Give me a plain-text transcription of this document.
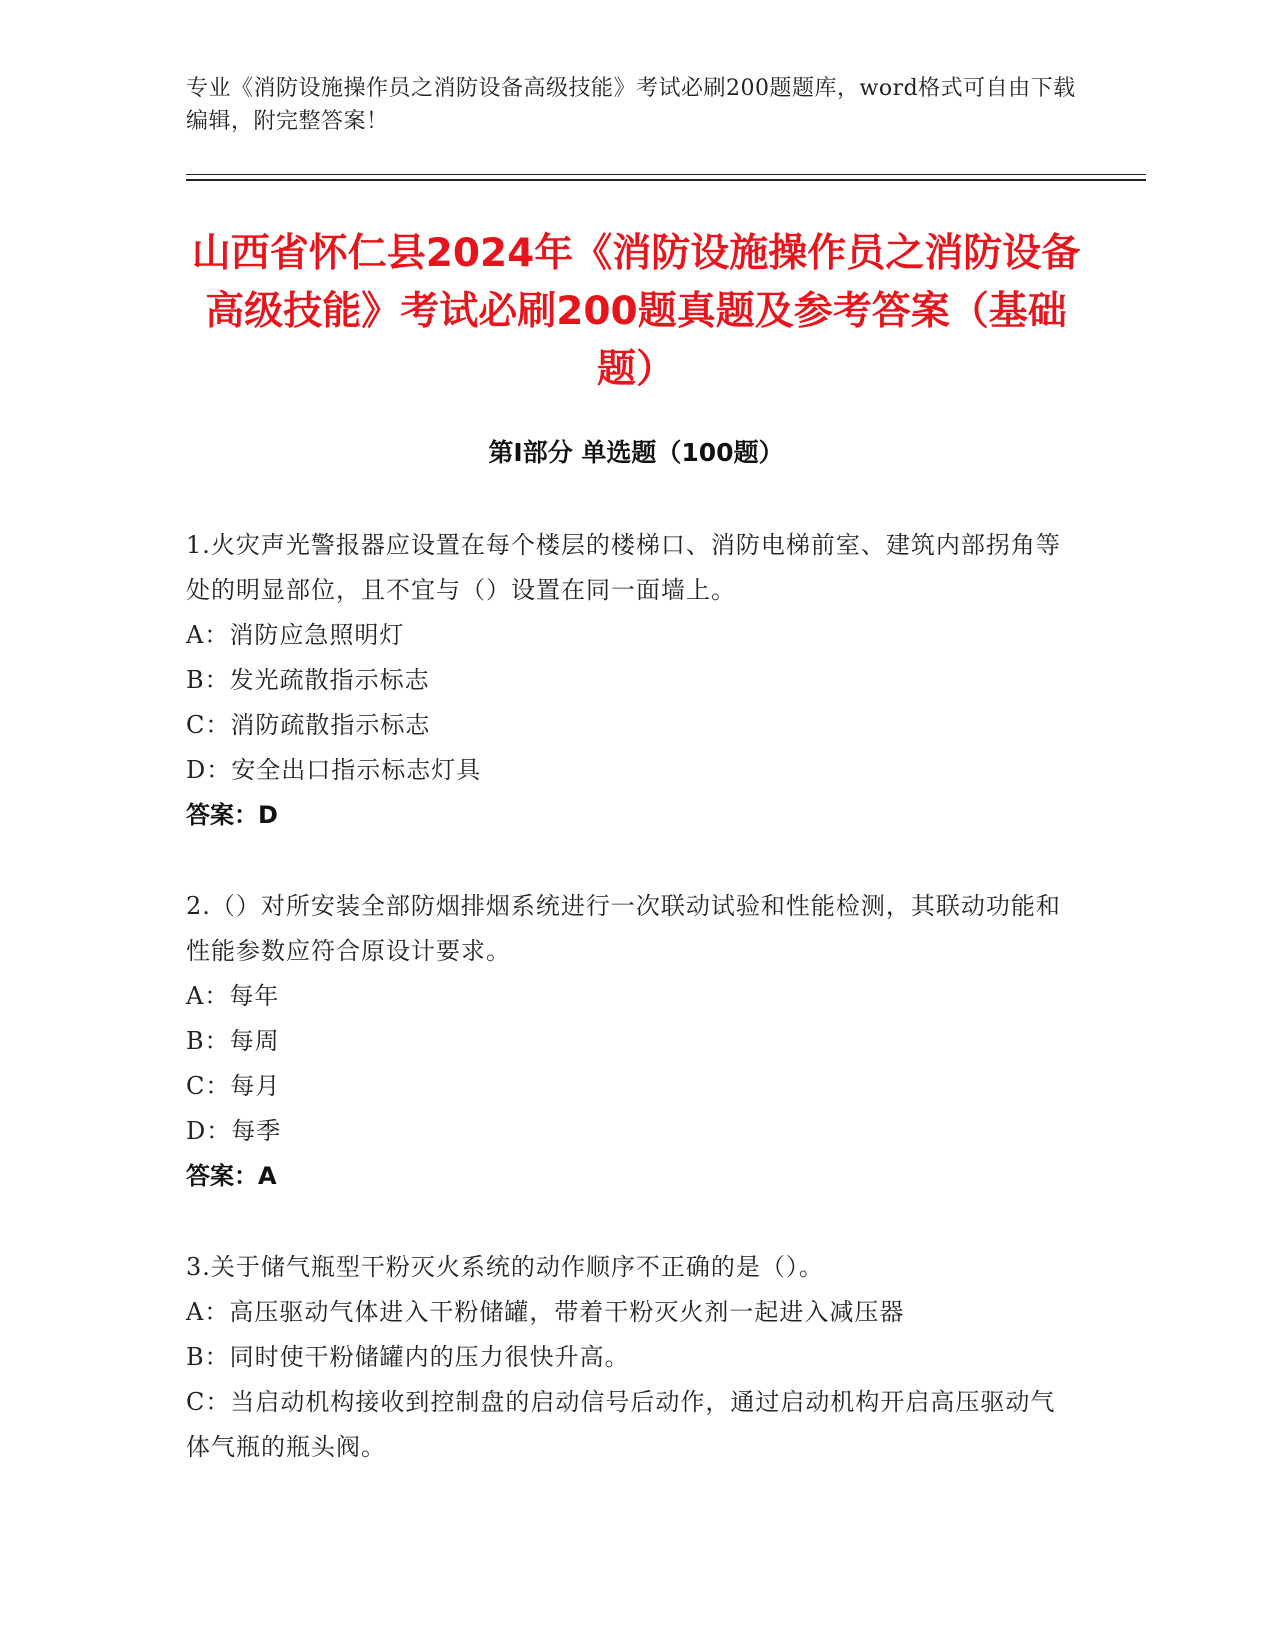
专业《消防设施操作员之消防设备高级技能》考试必刷200题题库，word格式可自由下载编辑，附完整答案！
山西省怀仁县2024年《消防设施操作员之消防设备高级技能》考试必刷200题真题及参考答案（基础题）
第I部分 单选题（100题）
1.火灾声光警报器应设置在每个楼层的楼梯口、消防电梯前室、建筑内部拐角等处的明显部位，且不宜与（）设置在同一面墙上。
A：消防应急照明灯
B：发光疏散指示标志
C：消防疏散指示标志
D：安全出口指示标志灯具
答案：D
2.（）对所安装全部防烟排烟系统进行一次联动试验和性能检测，其联动功能和性能参数应符合原设计要求。
A：每年
B：每周
C：每月
D：每季
答案：A
3.关于储气瓶型干粉灭火系统的动作顺序不正确的是（）。
A：高压驱动气体进入干粉储罐，带着干粉灭火剂一起进入减压器
B：同时使干粉储罐内的压力很快升高。
C：当启动机构接收到控制盘的启动信号后动作，通过启动机构开启高压驱动气体气瓶的瓶头阀。
